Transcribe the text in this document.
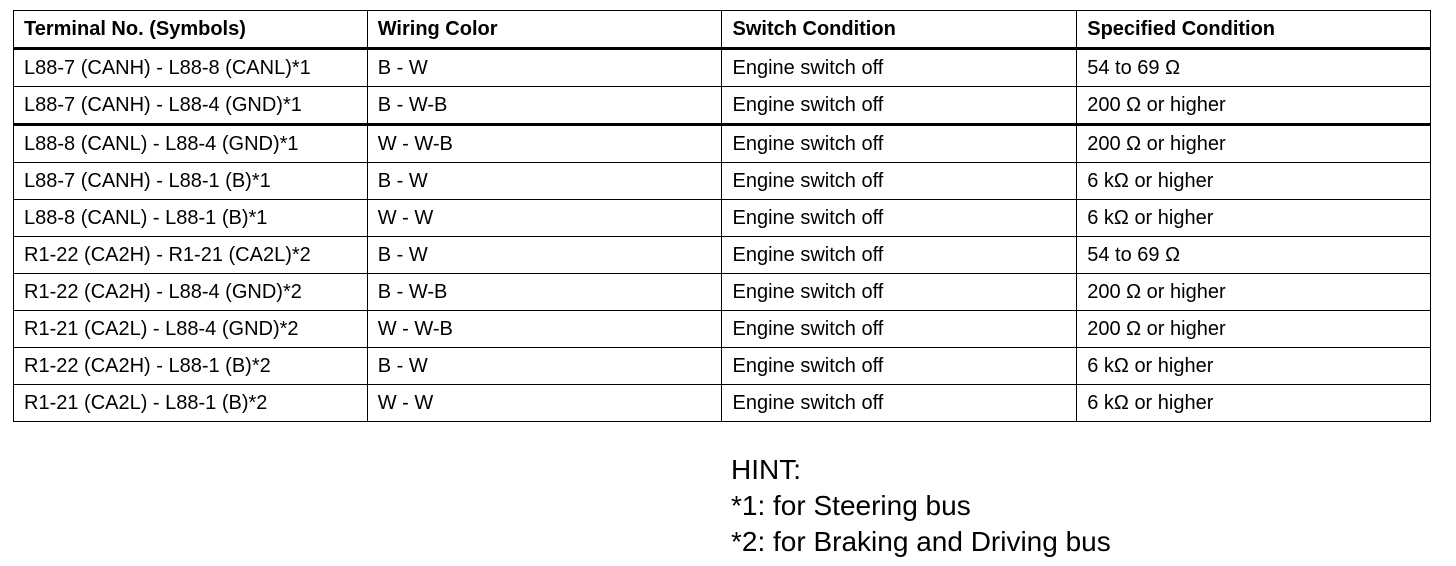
Terminal No. (Symbols)	Wiring Color	Switch Condition	Specified Condition
L88-7 (CANH) - L88-8 (CANL)*1	B - W	Engine switch off	54 to 69 Ω
L88-7 (CANH) - L88-4 (GND)*1	B - W-B	Engine switch off	200 Ω or higher
L88-8 (CANL) - L88-4 (GND)*1	W - W-B	Engine switch off	200 Ω or higher
L88-7 (CANH) - L88-1 (B)*1	B - W	Engine switch off	6 kΩ or higher
L88-8 (CANL) - L88-1 (B)*1	W - W	Engine switch off	6 kΩ or higher
R1-22 (CA2H) - R1-21 (CA2L)*2	B - W	Engine switch off	54 to 69 Ω
R1-22 (CA2H) - L88-4 (GND)*2	B - W-B	Engine switch off	200 Ω or higher
R1-21 (CA2L) - L88-4 (GND)*2	W - W-B	Engine switch off	200 Ω or higher
R1-22 (CA2H) - L88-1 (B)*2	B - W	Engine switch off	6 kΩ or higher
R1-21 (CA2L) - L88-1 (B)*2	W - W	Engine switch off	6 kΩ or higher
HINT:
*1: for Steering bus
*2: for Braking and Driving bus
